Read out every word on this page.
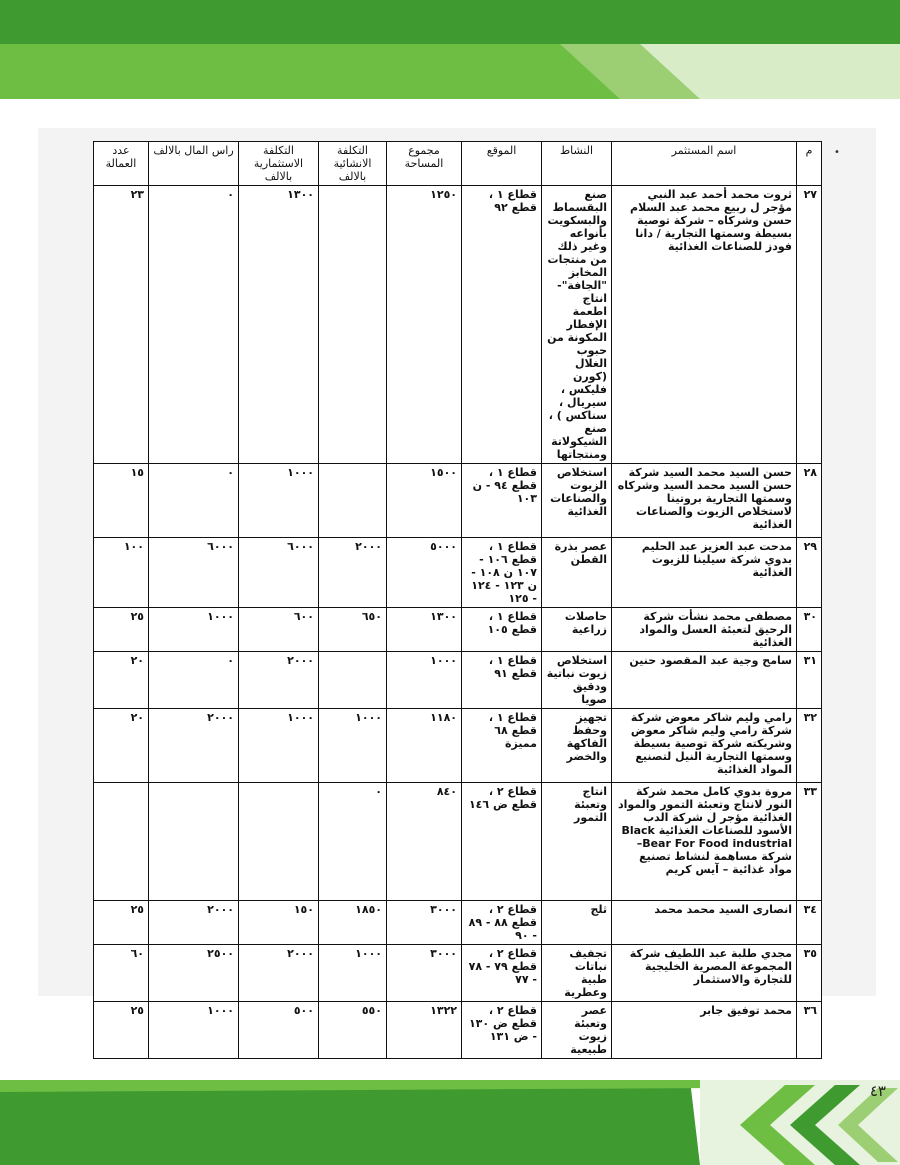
•
م	اسم المستثمر	النشاط	الموقع	مجموع المساحة	التكلفة الانشائية بالالف	التكلفة الاستثمارية بالالف	راس المال بالالف	عدد العمالة
٢٧	ثروت محمد أحمد عبد النبي مؤجر ل ربيع محمد عبد السلام حسن وشركاه – شركة توصية بسيطة وسمتها التجارية / دانا فودز للصناعات الغذائية	صنع البقسماط والبسكويت بأنواعه وغير ذلك من منتجات المخابز "الجافة"- انتاج اطعمة الإفطار المكونة من حبوب الغلال (كورن فليكس ، سيريال ، سناكس ) ، صنع الشيكولاتة ومنتجاتها	قطاع ١ ، قطع ٩٢	١٢٥٠		١٣٠٠	٠	٢٣
٢٨	حسن السيد محمد السيد شركة حسن السيد محمد السيد وشركاه وسمتها التجارية بروتينا لاستخلاص الزيوت والصناعات الغذائية	استخلاص الزيوت والصناعات الغذائية	قطاع ١ ، قطع ٩٤ - ن ١٠٣	١٥٠٠		١٠٠٠	٠	١٥
٢٩	مدحت عبد العزيز عبد الحليم بدوي شركة سيلينا للزيوت الغذائية	عصر بذرة القطن	قطاع ١ ، قطع ١٠٦ - ١٠٧ ن ١٠٨ - ن ١٢٣ - ١٢٤ - ١٢٥	٥٠٠٠	٢٠٠٠	٦٠٠٠	٦٠٠٠	١٠٠
٣٠	مصطفى محمد نشأت شركة الرحيق لتعبئة العسل والمواد الغذائية	حاصلات زراعية	قطاع ١ ، قطع ١٠٥	١٣٠٠	٦٥٠	٦٠٠	١٠٠٠	٢٥
٣١	سامح وجية عبد المقصود حنين	استخلاص زيوت نباتية ودقيق صويا	قطاع ١ ، قطع ٩١	١٠٠٠		٢٠٠٠	٠	٢٠
٣٢	رامي وليم شاكر معوض شركة شركة رامي وليم شاكر معوض وشريكته شركة توصية بسيطة وسمتها التجارية النيل لتصنيع المواد الغذائية	تجهيز وحفظ الفاكهة والخضر	قطاع ١ ، قطع ٦٨ مميزة	١١٨٠	١٠٠٠	١٠٠٠	٢٠٠٠	٢٠
٣٣	مروة بدوي كامل محمد شركة النور لانتاج وتعبئة التمور والمواد الغذائية مؤجر ل شركة الدب الأسود للصناعات الغذائية Black Bear For Food industrial– شركة مساهمة لنشاط تصنيع مواد غذائية – آيس كريم	انتاج وتعبئة التمور	قطاع ٢ ، قطع ض ١٤٦	٨٤٠	٠			
٣٤	انصارى السيد محمد محمد	ثلج	قطاع ٢ ، قطع ٨٨ - ٨٩ - ٩٠	٣٠٠٠	١٨٥٠	١٥٠	٢٠٠٠	٢٥
٣٥	مجدي طلبة عبد اللطيف شركة المجموعة المصرية الخليجية للتجارة والاستثمار	تجفيف نباتات طبية وعطرية	قطاع ٢ ، قطع ٧٩ - ٧٨ - ٧٧	٣٠٠٠	١٠٠٠	٢٠٠٠	٢٥٠٠	٦٠
٣٦	محمد توفيق جابر	عصر وتعبئة زيوت طبيعية	قطاع ٢ ، قطع ض ١٣٠ - ض ١٣١	١٣٢٢	٥٥٠	٥٠٠	١٠٠٠	٢٥
٤٣
